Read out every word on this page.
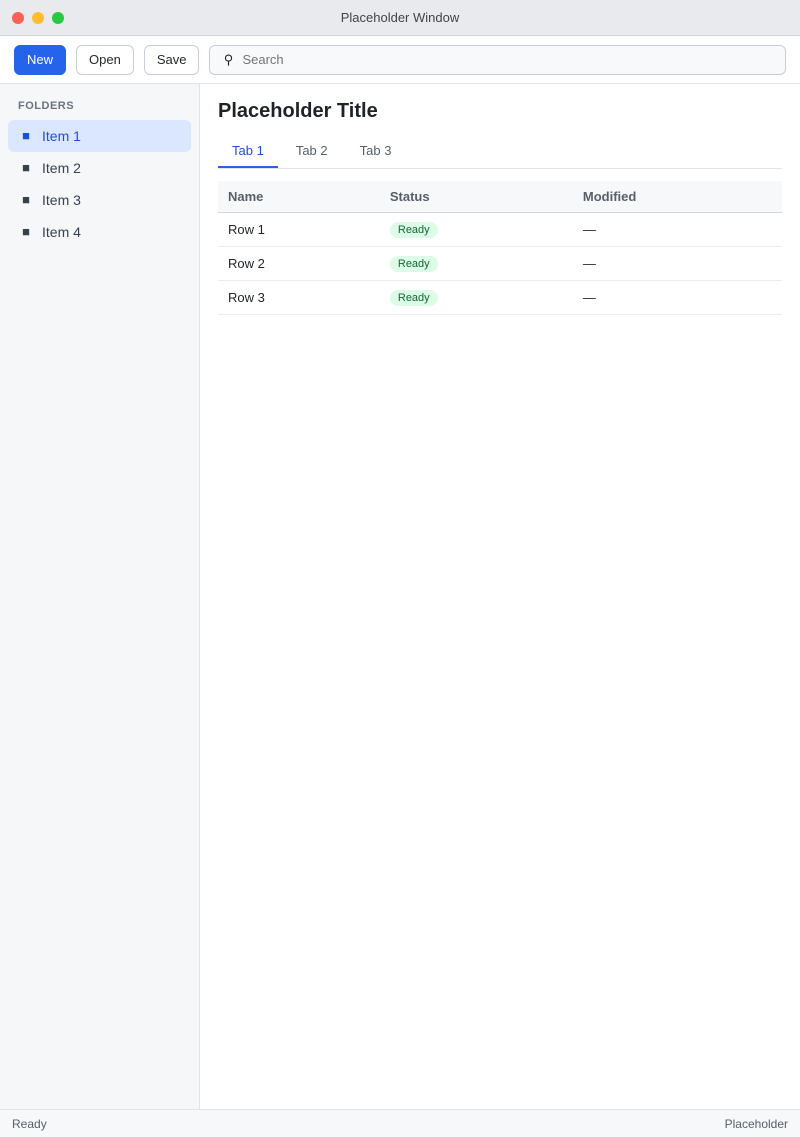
Placeholder Window
New	Open	Save	⚲
Search
FOLDERS
■ Item 1
■ Item 2
■ Item 3
■ Item 4
Placeholder Title
Tab 1	Tab 2	Tab 3
Name	Status	Modified
Row 1	Ready	—
Row 2	Ready	—
Row 3	Ready	—
Ready	Placeholder
